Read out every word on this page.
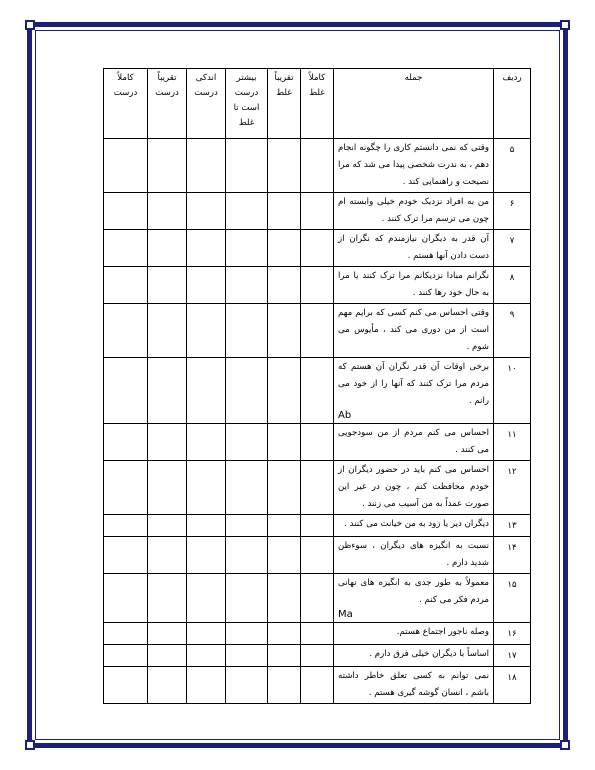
ردیف	جمله	کاملاً غلط	تقریباً غلط	بیشتر درست است تا غلط	اندکی درست	تقریباً درست	کاملاً درست
۵	وقتی که نمی دانستم کاری را چگونه انجام دهم ، به ندرت شخصی پیدا می شد که مرا نصیحت و راهنمایی کند .						

۶	من به افراد نزدیک خودم خیلی وابسته ام چون می ترسم مرا ترک کنند .						

۷	آن قدر به دیگران نیازمندم که نگران از دست دادن آنها هستم .						

۸	نگرانم مبادا نزدیکانم مرا ترک کنند یا مرا به حال خود رها کنند .						

۹	وقتی احساس می کنم کسی که برایم مهم است از من دوری می کند ، مأیوس می شوم .						

۱۰	برخی اوقات آن قدر نگران آن هستم که مردم مرا ترک کنند که آنها را از خود می رانم .
Ab						

۱۱	احساس می کنم مردم از من سودجویی می کنند .						

۱۲	احساس می کنم باید در حضور دیگران از خودم محافظت کنم ، چون در غیر این صورت عمداً به من آسیب می زنند .						

۱۳	دیگران دیر یا زود به من خیانت می کنند .						

۱۴	نسبت به انگیزه های دیگران ، سوءظن شدید دارم .						

۱۵	معمولاً به طور جدی به انگیزه های نهانی مردم فکر می کنم .
Ma						

۱۶	وصله ناجور اجتماع هستم.						

۱۷	اساساً با دیگران خیلی فرق دارم .						

۱۸	نمی توانم به کسی تعلق خاطر داشته باشم ، انسان گوشه گیری هستم .						
